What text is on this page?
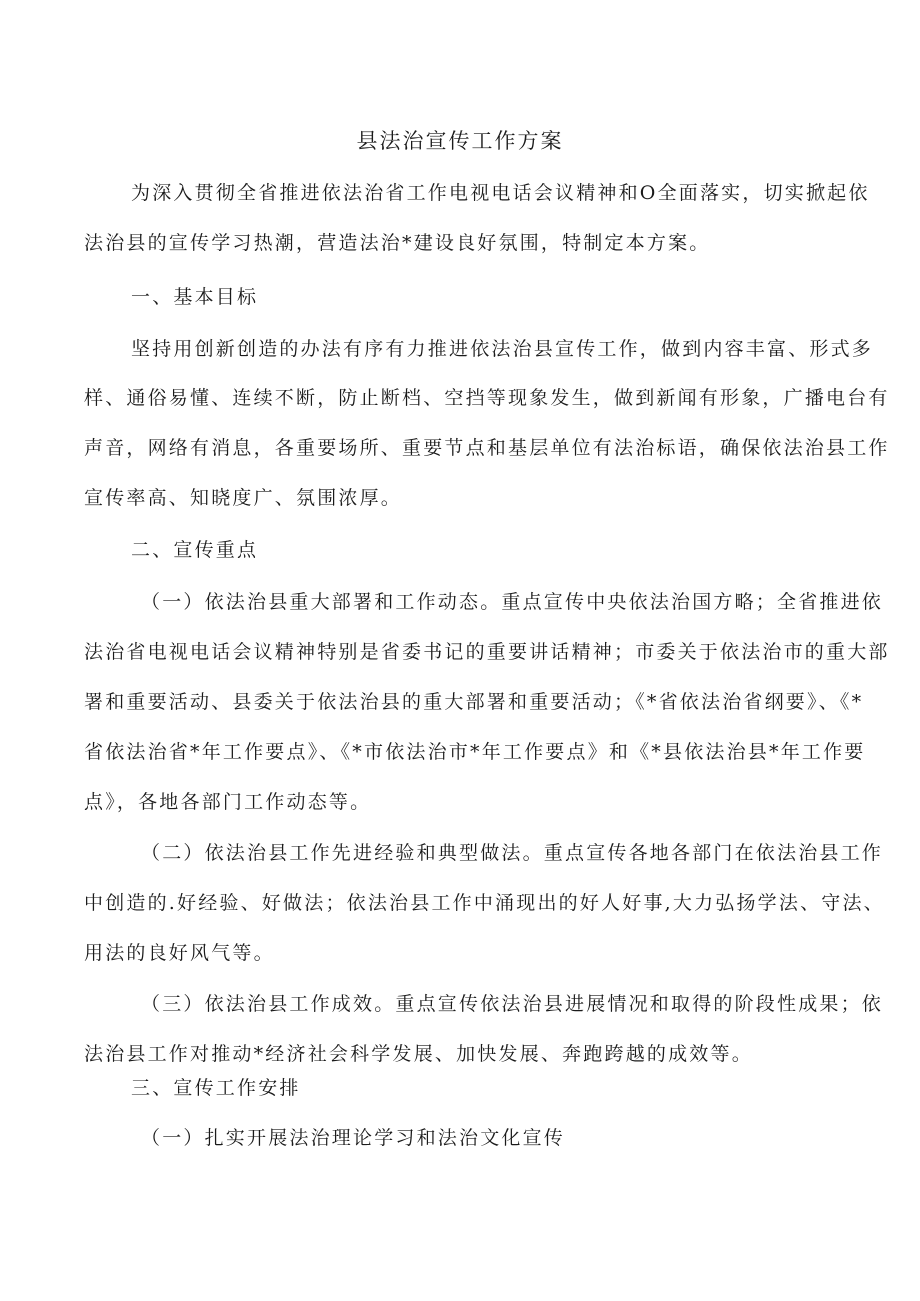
县法治宣传工作方案
为深入贯彻全省推进依法治省工作电视电话会议精神和O全面落实，切实掀起依
法治县的宣传学习热潮，营造法治*建设良好氛围，特制定本方案。
一、基本目标
坚持用创新创造的办法有序有力推进依法治县宣传工作，做到内容丰富、形式多
样、通俗易懂、连续不断，防止断档、空挡等现象发生，做到新闻有形象，广播电台有
声音，网络有消息，各重要场所、重要节点和基层单位有法治标语，确保依法治县工作
宣传率高、知晓度广、氛围浓厚。
二、宣传重点
（一）依法治县重大部署和工作动态。重点宣传中央依法治国方略；全省推进依
法治省电视电话会议精神特别是省委书记的重要讲话精神；市委关于依法治市的重大部
署和重要活动、县委关于依法治县的重大部署和重要活动；《*省依法治省纲要》、《*
省依法治省*年工作要点》、《*市依法治市*年工作要点》和《*县依法治县*年工作要
点》，各地各部门工作动态等。
（二）依法治县工作先进经验和典型做法。重点宣传各地各部门在依法治县工作
中创造的.好经验、好做法；依法治县工作中涌现出的好人好事,大力弘扬学法、守法、
用法的良好风气等。
（三）依法治县工作成效。重点宣传依法治县进展情况和取得的阶段性成果；依
法治县工作对推动*经济社会科学发展、加快发展、奔跑跨越的成效等。
三、宣传工作安排
（一）扎实开展法治理论学习和法治文化宣传
